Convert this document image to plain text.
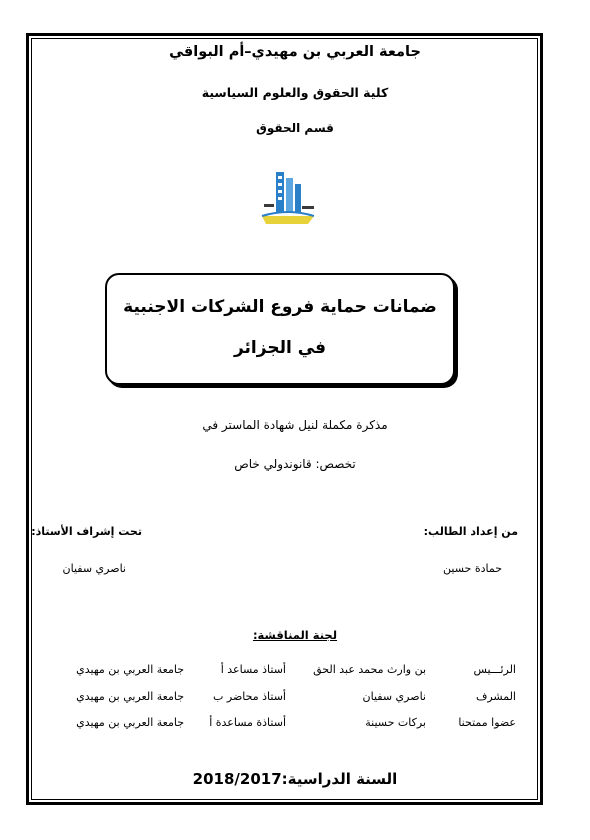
جامعة العربي بن مهيدي–أم البواقي
كلية الحقوق والعلوم السياسية
قسم الحقوق
ضمانات حماية فروع الشركات الاجنبية
في الجزائر
مذكرة مكملة لنيل شهادة الماستر في
تخصص: قانوندولي خاص
من إعداد الطالب:
تحت إشراف الأستاذ:
حمادة حسين
ناصري سفيان
لجنة المناقشة:
الرئـــيس
بن وارث محمد عبد الحق
أستاذ مساعد أ
جامعة العربي بن مهيدي
المشرف
ناصري سفيان
أستاذ محاضر ب
جامعة العربي بن مهيدي
عضوا ممتحنا
بركات حسينة
أستاذة مساعدة أ
جامعة العربي بن مهيدي
السنة الدراسية:2018/2017
